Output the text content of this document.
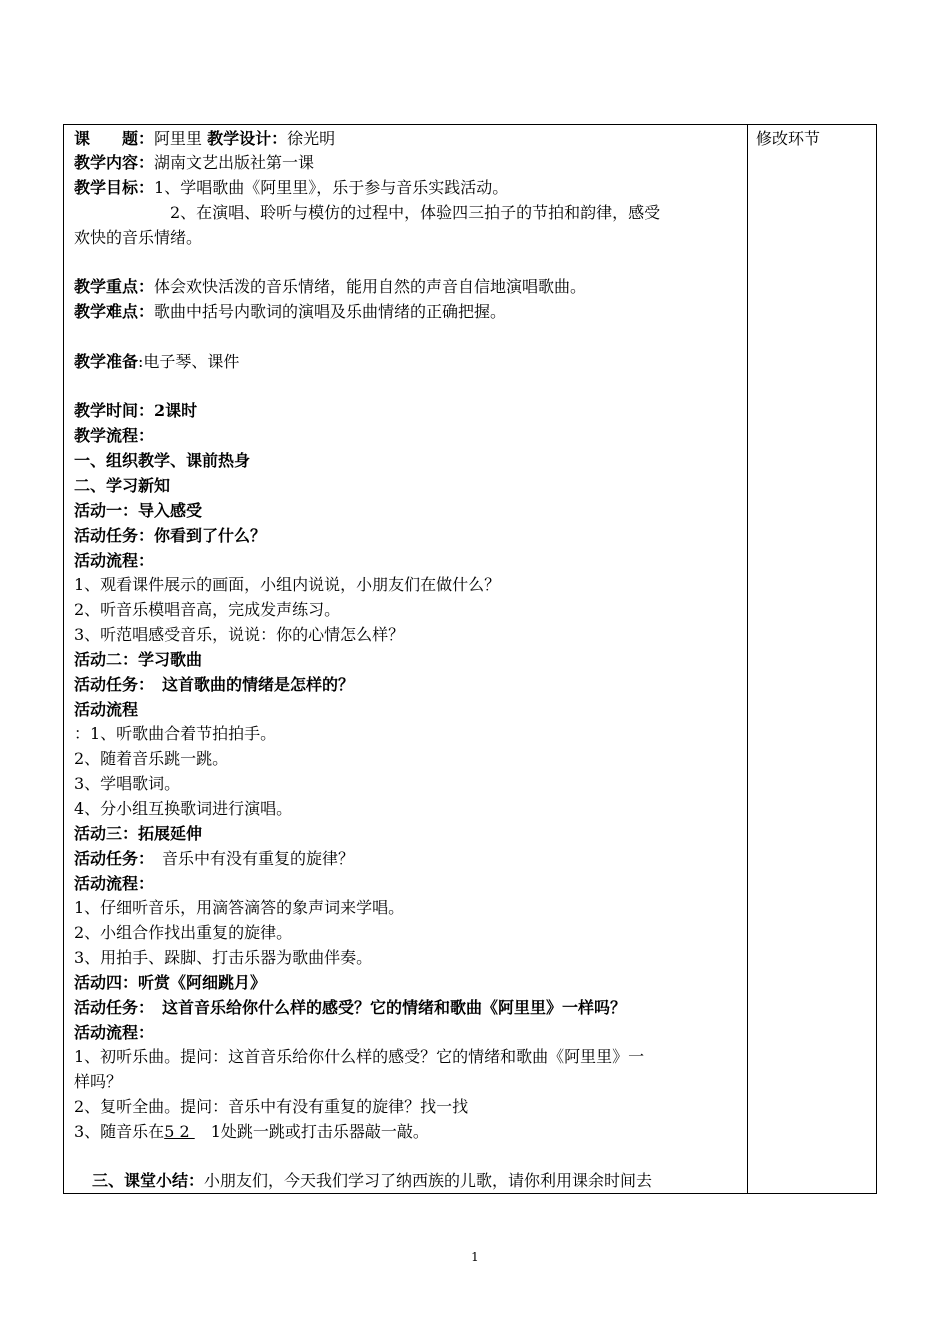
课　　题：阿里里 教学设计：徐光明
教学内容：湖南文艺出版社第一课
教学目标：1、学唱歌曲《阿里里》，乐于参与音乐实践活动。
2、在演唱、聆听与模仿的过程中，体验四三拍子的节拍和韵律，感受
欢快的音乐情绪。
教学重点：体会欢快活泼的音乐情绪，能用自然的声音自信地演唱歌曲。
教学难点：歌曲中括号内歌词的演唱及乐曲情绪的正确把握。
教学准备:电子琴、课件
教学时间：2课时
教学流程：
一、组织教学、课前热身
二、学习新知
活动一：导入感受
活动任务：你看到了什么？
活动流程：
1、观看课件展示的画面，小组内说说，小朋友们在做什么？
2、听音乐模唱音高，完成发声练习。
3、听范唱感受音乐，说说：你的心情怎么样？
活动二：学习歌曲
活动任务：　这首歌曲的情绪是怎样的？
活动流程
：1、听歌曲合着节拍拍手。
2、随着音乐跳一跳。
3、学唱歌词。
4、分小组互换歌词进行演唱。
活动三：拓展延伸
活动任务：　音乐中有没有重复的旋律？
活动流程：
1、仔细听音乐，用滴答滴答的象声词来学唱。
2、小组合作找出重复的旋律。
3、用拍手、跺脚、打击乐器为歌曲伴奏。
活动四：听赏《阿细跳月》
活动任务：　这首音乐给你什么样的感受？它的情绪和歌曲《阿里里》一样吗？
活动流程：
1、初听乐曲。提问：这首音乐给你什么样的感受？它的情绪和歌曲《阿里里》一
样吗？
2、复听全曲。提问：音乐中有没有重复的旋律？找一找
3、随音乐在5 2 　1处跳一跳或打击乐器敲一敲。
三、课堂小结：小朋友们，今天我们学习了纳西族的儿歌，请你利用课余时间去
修改环节
1
